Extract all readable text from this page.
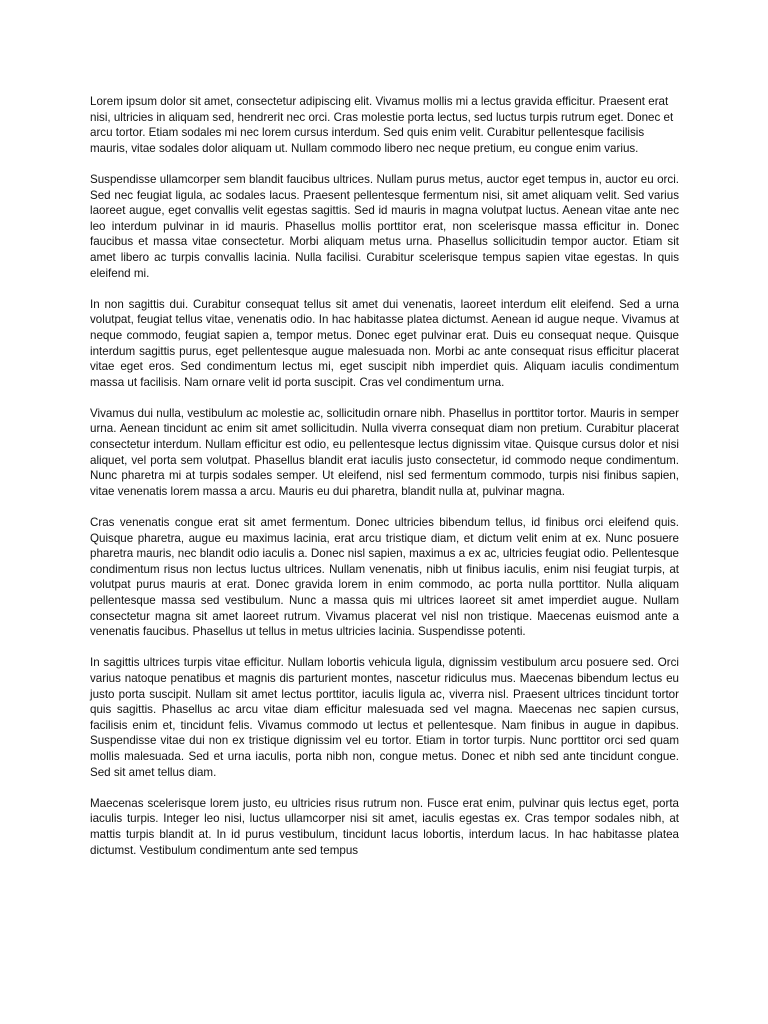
Lorem ipsum dolor sit amet, consectetur adipiscing elit. Vivamus mollis mi a lectus gravida efficitur. Praesent erat nisi, ultricies in aliquam sed, hendrerit nec orci. Cras molestie porta lectus, sed luctus turpis rutrum eget. Donec et arcu tortor. Etiam sodales mi nec lorem cursus interdum. Sed quis enim velit. Curabitur pellentesque facilisis mauris, vitae sodales dolor aliquam ut. Nullam commodo libero nec neque pretium, eu congue enim varius.

Suspendisse ullamcorper sem blandit faucibus ultrices. Nullam purus metus, auctor eget tempus in, auctor eu orci. Sed nec feugiat ligula, ac sodales lacus. Praesent pellentesque fermentum nisi, sit amet aliquam velit. Sed varius laoreet augue, eget convallis velit egestas sagittis. Sed id mauris in magna volutpat luctus. Aenean vitae ante nec leo interdum pulvinar in id mauris. Phasellus mollis porttitor erat, non scelerisque massa efficitur in. Donec faucibus et massa vitae consectetur. Morbi aliquam metus urna. Phasellus sollicitudin tempor auctor. Etiam sit amet libero ac turpis convallis lacinia. Nulla facilisi. Curabitur scelerisque tempus sapien vitae egestas. In quis eleifend mi.

In non sagittis dui. Curabitur consequat tellus sit amet dui venenatis, laoreet interdum elit eleifend. Sed a urna volutpat, feugiat tellus vitae, venenatis odio. In hac habitasse platea dictumst. Aenean id augue neque. Vivamus at neque commodo, feugiat sapien a, tempor metus. Donec eget pulvinar erat. Duis eu consequat neque. Quisque interdum sagittis purus, eget pellentesque augue malesuada non. Morbi ac ante consequat risus efficitur placerat vitae eget eros. Sed condimentum lectus mi, eget suscipit nibh imperdiet quis. Aliquam iaculis condimentum massa ut facilisis. Nam ornare velit id porta suscipit. Cras vel condimentum urna.

Vivamus dui nulla, vestibulum ac molestie ac, sollicitudin ornare nibh. Phasellus in porttitor tortor. Mauris in semper urna. Aenean tincidunt ac enim sit amet sollicitudin. Nulla viverra consequat diam non pretium. Curabitur placerat consectetur interdum. Nullam efficitur est odio, eu pellentesque lectus dignissim vitae. Quisque cursus dolor et nisi aliquet, vel porta sem volutpat. Phasellus blandit erat iaculis justo consectetur, id commodo neque condimentum. Nunc pharetra mi at turpis sodales semper. Ut eleifend, nisl sed fermentum commodo, turpis nisi finibus sapien, vitae venenatis lorem massa a arcu. Mauris eu dui pharetra, blandit nulla at, pulvinar magna.

Cras venenatis congue erat sit amet fermentum. Donec ultricies bibendum tellus, id finibus orci eleifend quis. Quisque pharetra, augue eu maximus lacinia, erat arcu tristique diam, et dictum velit enim at ex. Nunc posuere pharetra mauris, nec blandit odio iaculis a. Donec nisl sapien, maximus a ex ac, ultricies feugiat odio. Pellentesque condimentum risus non lectus luctus ultrices. Nullam venenatis, nibh ut finibus iaculis, enim nisi feugiat turpis, at volutpat purus mauris at erat. Donec gravida lorem in enim commodo, ac porta nulla porttitor. Nulla aliquam pellentesque massa sed vestibulum. Nunc a massa quis mi ultrices laoreet sit amet imperdiet augue. Nullam consectetur magna sit amet laoreet rutrum. Vivamus placerat vel nisl non tristique. Maecenas euismod ante a venenatis faucibus. Phasellus ut tellus in metus ultricies lacinia. Suspendisse potenti.

In sagittis ultrices turpis vitae efficitur. Nullam lobortis vehicula ligula, dignissim vestibulum arcu posuere sed. Orci varius natoque penatibus et magnis dis parturient montes, nascetur ridiculus mus. Maecenas bibendum lectus eu justo porta suscipit. Nullam sit amet lectus porttitor, iaculis ligula ac, viverra nisl. Praesent ultrices tincidunt tortor quis sagittis. Phasellus ac arcu vitae diam efficitur malesuada sed vel magna. Maecenas nec sapien cursus, facilisis enim et, tincidunt felis. Vivamus commodo ut lectus et pellentesque. Nam finibus in augue in dapibus. Suspendisse vitae dui non ex tristique dignissim vel eu tortor. Etiam in tortor turpis. Nunc porttitor orci sed quam mollis malesuada. Sed et urna iaculis, porta nibh non, congue metus. Donec et nibh sed ante tincidunt congue. Sed sit amet tellus diam.

Maecenas scelerisque lorem justo, eu ultricies risus rutrum non. Fusce erat enim, pulvinar quis lectus eget, porta iaculis turpis. Integer leo nisi, luctus ullamcorper nisi sit amet, iaculis egestas ex. Cras tempor sodales nibh, at mattis turpis blandit at. In id purus vestibulum, tincidunt lacus lobortis, interdum lacus. In hac habitasse platea dictumst. Vestibulum condimentum ante sed tempus
